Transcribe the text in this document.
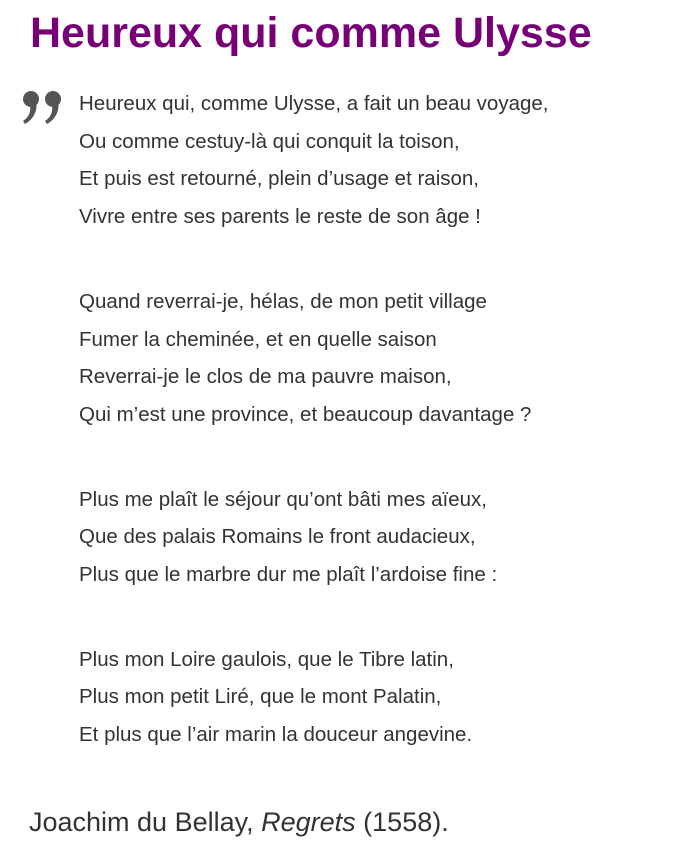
Heureux qui comme Ulysse
Heureux qui, comme Ulysse, a fait un beau voyage,
Ou comme cestuy-là qui conquit la toison,
Et puis est retourné, plein d’usage et raison,
Vivre entre ses parents le reste de son âge !
Quand reverrai-je, hélas, de mon petit village
Fumer la cheminée, et en quelle saison
Reverrai-je le clos de ma pauvre maison,
Qui m’est une province, et beaucoup davantage ?
Plus me plaît le séjour qu’ont bâti mes aïeux,
Que des palais Romains le front audacieux,
Plus que le marbre dur me plaît l’ardoise fine :
Plus mon Loire gaulois, que le Tibre latin,
Plus mon petit Liré, que le mont Palatin,
Et plus que l’air marin la douceur angevine.
Joachim du Bellay, Regrets (1558).
